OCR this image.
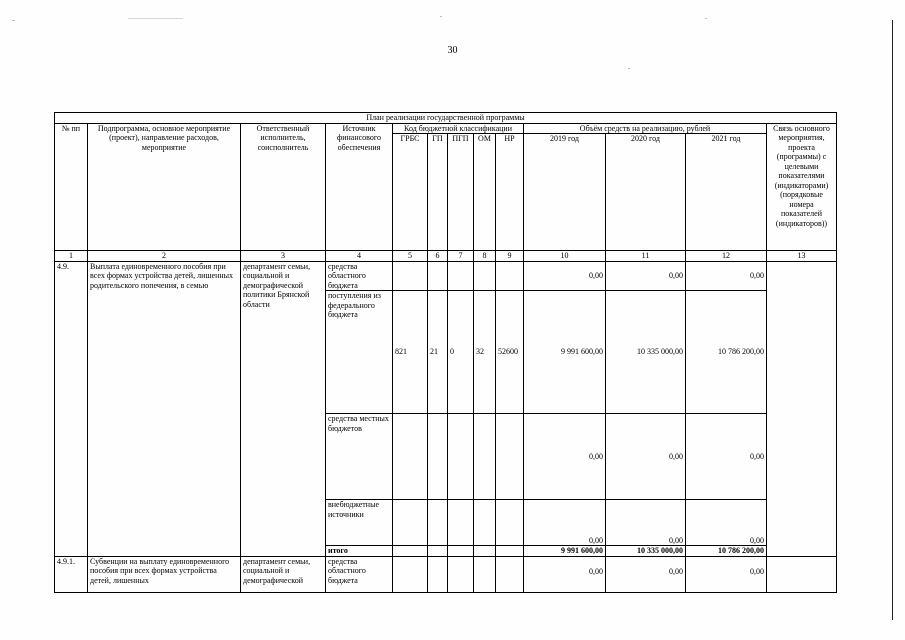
30
План реализации государственной программы												
№ пп	Подпрограмма, основное мероприятие (проект), направление расходов, мероприятие	Ответственный исполнитель, соисполнитель	Источник финансового обеспечения	Код бюджетной классификации					Объём средств на реализацию, рублей			Связь основного мероприятия, проекта (программы) с целевыми показателями (индикаторами) (порядковые номера показателей (индикаторов))
				ГРБС	ГП	ПГП	ОМ	НР	2019 год	2020 год	2021 год	
1	2	3	4	5	6	7	8	9	10	11	12	13
4.9.	Выплата единовременного пособия при всех формах устройства детей, лишенных родительского попечения, в семью	департамент семьи, социальной и демографической политики Брянской области	средства областного бюджета						0,00	0,00	0,00	
			поступления из федерального бюджета	821	21	0	32	52600	9 991 600,00	10 335 000,00	10 786 200,00	
			средства местных бюджетов						0,00	0,00	0,00	
			внебюджетные источники						0,00	0,00	0,00	
			итого						9 991 600,00	10 335 000,00	10 786 200,00	
4.9.1.	Субвенции на выплату единовременного пособия при всех формах устройства детей, лишенных	департамент семьи, социальной и демографической	средства областного бюджета						0,00	0,00	0,00	
